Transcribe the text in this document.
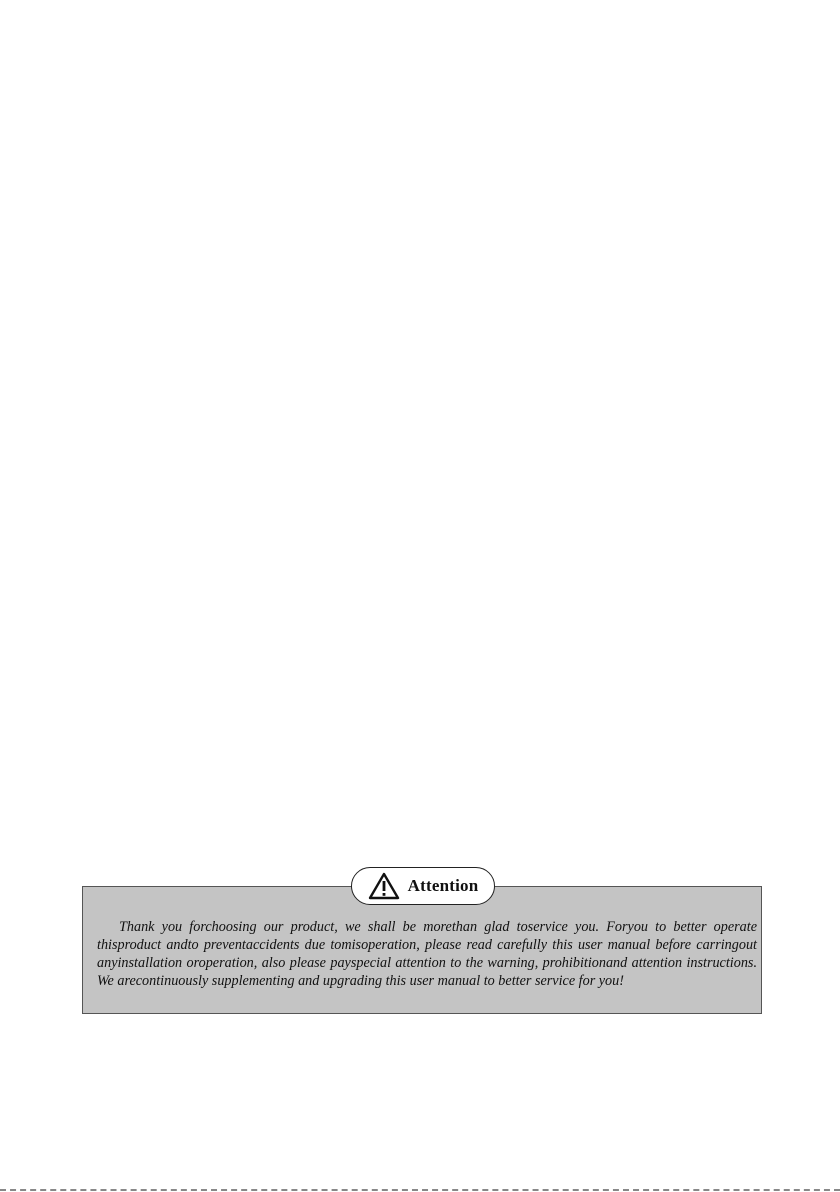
Attention

Thank you forchoosing our product, we shall be morethan glad toservice you. Foryou to better operate thisproduct andto preventaccidents due tomisoperation, please read carefully this user manual before carringout anyinstallation oroperation, also please payspecial attention to the warning, prohibitionand attention instructions. We arecontinuously supplementing and upgrading this user manual to better service for you!
